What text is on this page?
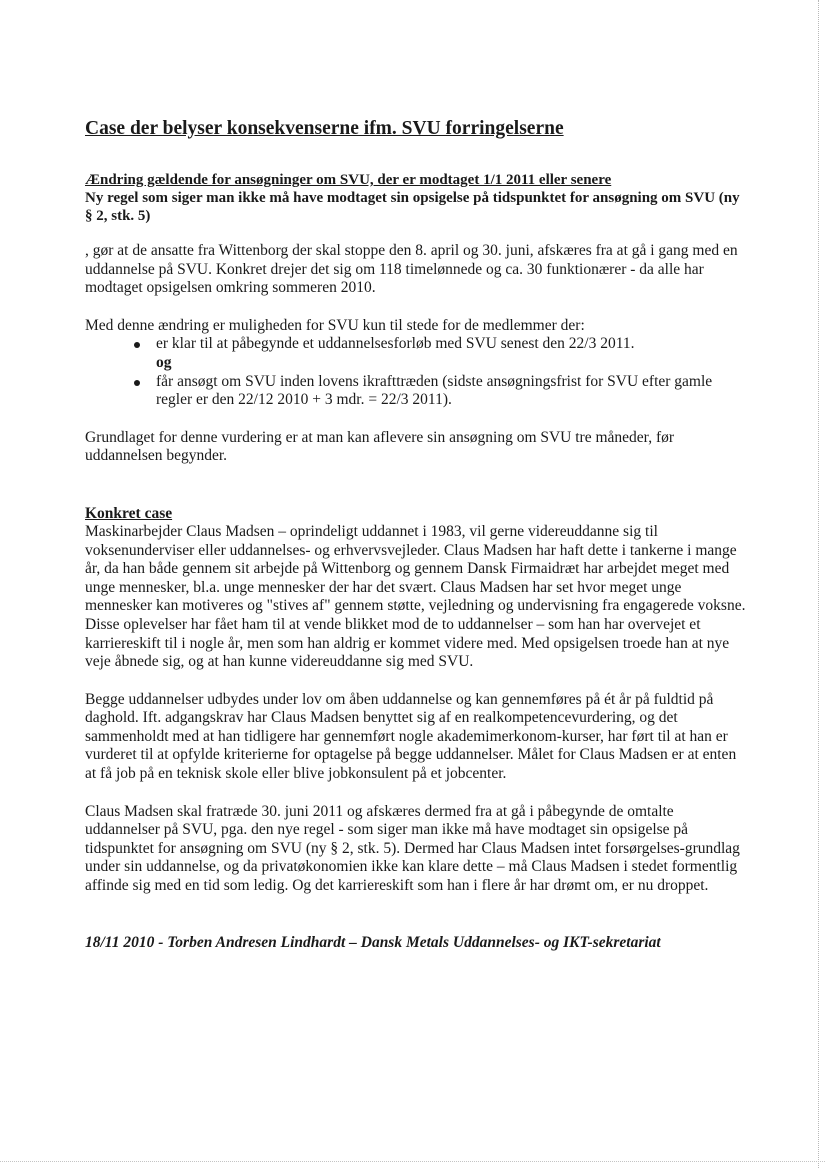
Case der belyser konsekvenserne ifm. SVU forringelserne
Ændring gældende for ansøgninger om SVU, der er modtaget 1/1 2011 eller senere
Ny regel som siger man ikke må have modtaget sin opsigelse på tidspunktet for ansøgning om SVU (ny § 2, stk. 5)

, gør at de ansatte fra Wittenborg der skal stoppe den 8. april og 30. juni, afskæres fra at gå i gang med en uddannelse på SVU. Konkret drejer det sig om 118 timelønnede og ca. 30 funktionærer - da alle har modtaget opsigelsen omkring sommeren 2010.

Med denne ændring er muligheden for SVU kun til stede for de medlemmer der:

er klar til at påbegynde et uddannelsesforløb med SVU senest den 22/3 2011.
og
får ansøgt om SVU inden lovens ikrafttræden (sidste ansøgningsfrist for SVU efter gamle regler er den 22/12 2010 + 3 mdr. = 22/3 2011).

Grundlaget for denne vurdering er at man kan aflevere sin ansøgning om SVU tre måneder, før uddannelsen begynder.

Konkret case

Maskinarbejder Claus Madsen – oprindeligt uddannet i 1983, vil gerne videreuddanne sig til voksenunderviser eller uddannelses- og erhvervsvejleder. Claus Madsen har haft dette i tankerne i mange år, da han både gennem sit arbejde på Wittenborg og gennem Dansk Firmaidræt har arbejdet meget med unge mennesker, bl.a. unge mennesker der har det svært. Claus Madsen har set hvor meget unge mennesker kan motiveres og "stives af" gennem støtte, vejledning og undervisning fra engagerede voksne. Disse oplevelser har fået ham til at vende blikket mod de to uddannelser – som han har overvejet et karriereskift til i nogle år, men som han aldrig er kommet videre med. Med opsigelsen troede han at nye veje åbnede sig, og at han kunne videreuddanne sig med SVU.

Begge uddannelser udbydes under lov om åben uddannelse og kan gennemføres på ét år på fuldtid på daghold. Ift. adgangskrav har Claus Madsen benyttet sig af en realkompetencevurdering, og det sammenholdt med at han tidligere har gennemført nogle akademimerkonom-kurser, har ført til at han er vurderet til at opfylde kriterierne for optagelse på begge uddannelser. Målet for Claus Madsen er at enten at få job på en teknisk skole eller blive jobkonsulent på et jobcenter.

Claus Madsen skal fratræde 30. juni 2011 og afskæres dermed fra at gå i påbegynde de omtalte uddannelser på SVU, pga. den nye regel - som siger man ikke må have modtaget sin opsigelse på tidspunktet for ansøgning om SVU (ny § 2, stk. 5). Dermed har Claus Madsen intet forsørgelses-grundlag under sin uddannelse, og da privatøkonomien ikke kan klare dette – må Claus Madsen i stedet formentlig affinde sig med en tid som ledig. Og det karriereskift som han i flere år har drømt om, er nu droppet.

18/11 2010 - Torben Andresen Lindhardt – Dansk Metals Uddannelses- og IKT-sekretariat
